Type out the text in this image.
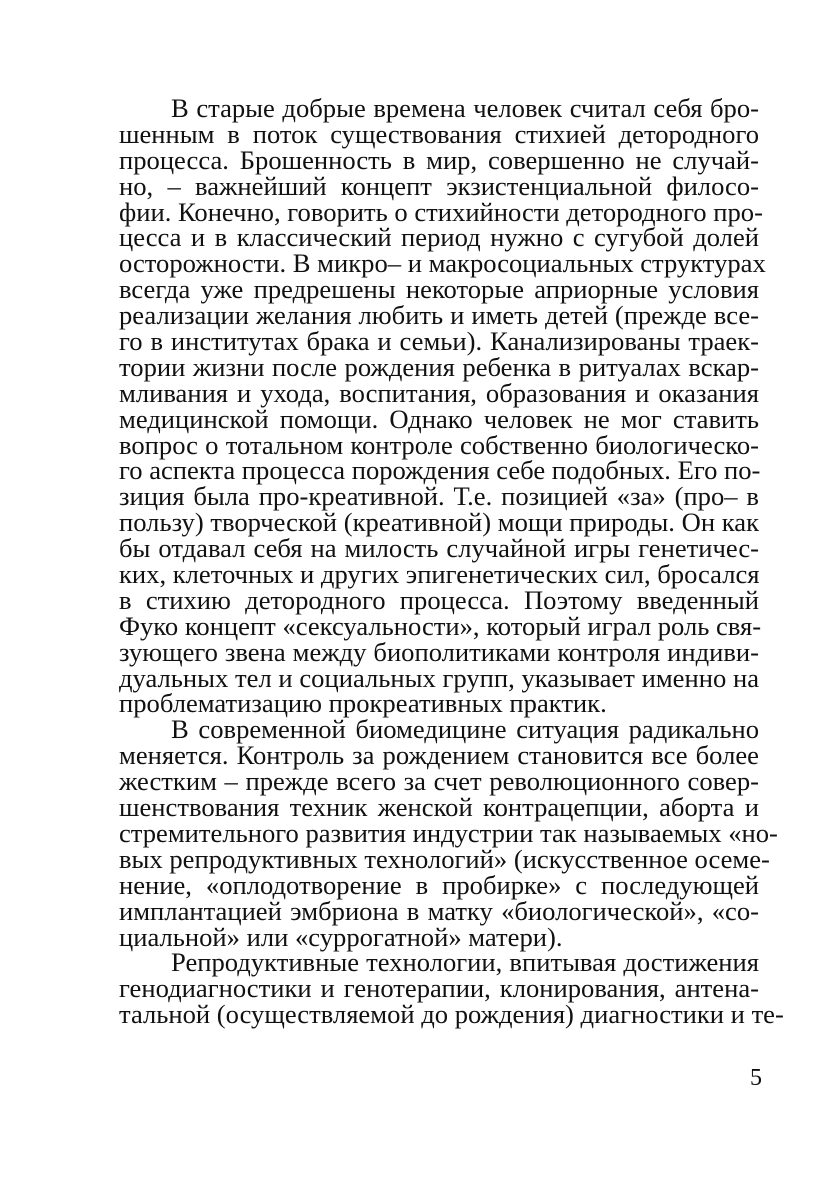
В старые добрые времена человек считал себя бро-
шенным в поток существования стихией детородного
процесса. Брошенность в мир, совершенно не случай-
но, – важнейший концепт экзистенциальной филосо-
фии. Конечно, говорить о стихийности детородного про-
цесса и в классический период нужно с сугубой долей
осторожности. В микро– и макросоциальных структурах
всегда уже предрешены некоторые априорные условия
реализации желания любить и иметь детей (прежде все-
го в институтах брака и семьи). Канализированы траек-
тории жизни после рождения ребенка в ритуалах вскар-
мливания и ухода, воспитания, образования и оказания
медицинской помощи. Однако человек не мог ставить
вопрос о тотальном контроле собственно биологическо-
го аспекта процесса порождения себе подобных. Его по-
зиция была про-креативной. Т.е. позицией «за» (про– в
пользу) творческой (креативной) мощи природы. Он как
бы отдавал себя на милость случайной игры генетичес-
ких, клеточных и других эпигенетических сил, бросался
в стихию детородного процесса. Поэтому введенный
Фуко концепт «сексуальности», который играл роль свя-
зующего звена между биополитиками контроля индиви-
дуальных тел и социальных групп, указывает именно на
проблематизацию прокреативных практик.
В современной биомедицине ситуация радикально
меняется. Контроль за рождением становится все более
жестким – прежде всего за счет революционного совер-
шенствования техник женской контрацепции, аборта и
стремительного развития индустрии так называемых «но-
вых репродуктивных технологий» (искусственное осеме-
нение, «оплодотворение в пробирке» с последующей
имплантацией эмбриона в матку «биологической», «со-
циальной» или «суррогатной» матери).
Репродуктивные технологии, впитывая достижения
генодиагностики и генотерапии, клонирования, антена-
тальной (осуществляемой до рождения) диагностики и те-
5
